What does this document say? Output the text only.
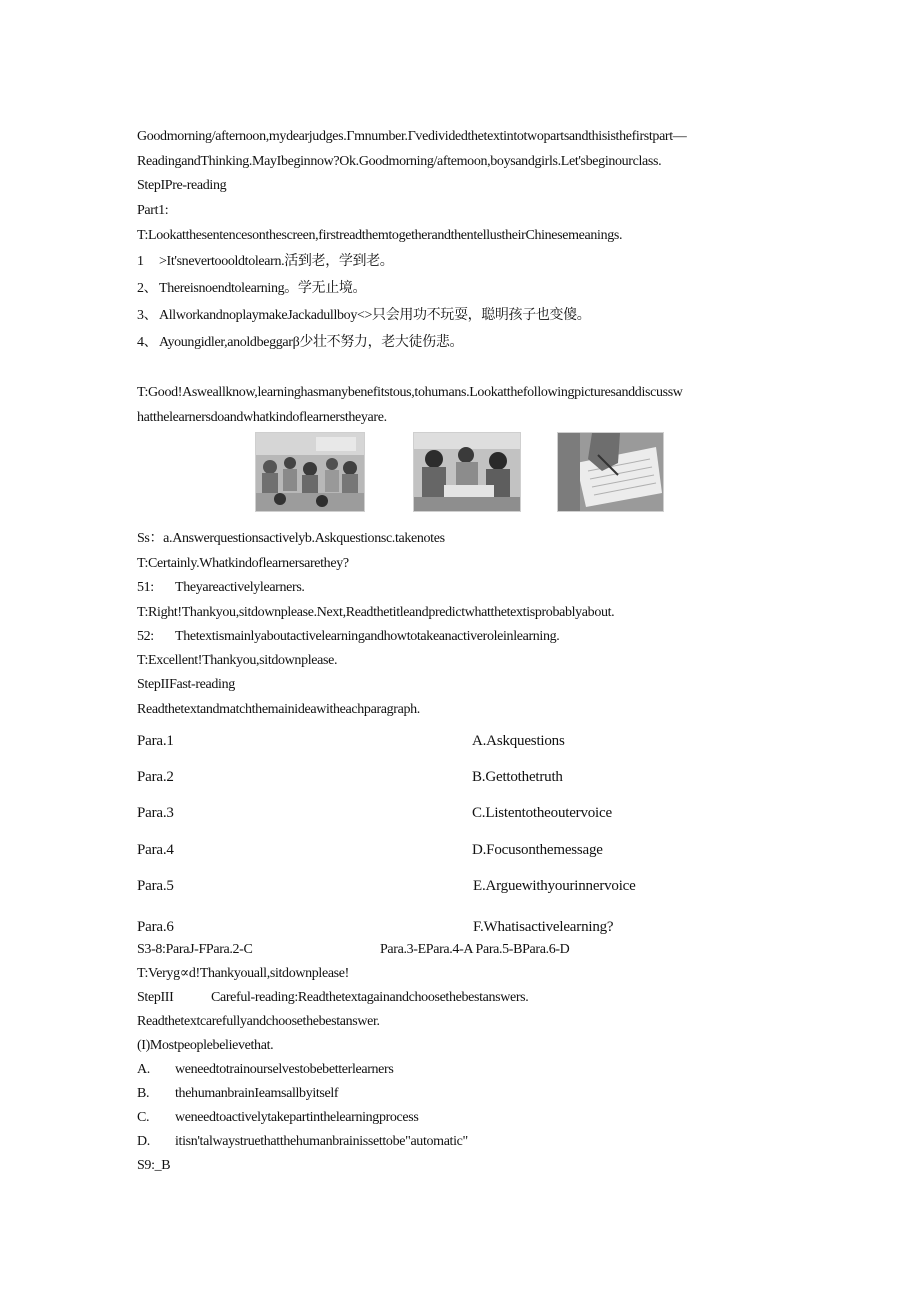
Goodmorning/afternoon,mydearjudges.Γmnumber.Γvedividedthetextintotwopartsandthisisthefirstpart—

ReadingandThinking.MayIbeginnow?Ok.Goodmorning/aftemoon,boysandgirls.Let'sbeginourclass.

StepIPre-reading

Part1:

T:Lookatthesentencesonthescreen,firstreadthemtogetherandthentellustheirChinesemeanings.

1 >It'sneverto​ooldtolearn.活到老，学到老。

2、 Thereisnoendto​learning。学无止境。

3、 Allworkandnoplaymake​Jackadullboy<>只会用功不玩耍，聪明孩子也变傻。

4、 Ayoungidler,anoldbeggarβ少壮不努力，老大徒伤悲。

T:Good!Asweallknow,learninghasmanybenefitstous,tohumans.Lookatthefollowingpicturesanddiscussw

hatthelearnersdoandwhatkindoflearnerstheyare.

Ss：a.Answerquestionsactivelyb.Askquestionsc.takenotes

T:Certainly.Whatkindoflearnersarethey?

51: Theyareactivelylearners.

T:Right!Thankyou,sitdownplease.Next,Readthetitleandpredictwhatthetextisprobablyabout.

52: Thetextismainlyaboutactivelearningandhowtotakeanactiveroleinlearning.

T:Excellent!Thankyou,sitdownplease.

StepIIFast-reading

Readthetextandmatchthemainideawitheachparagraph.

Para.1	A.Askquestions

Para.2	B.Gettothetruth

Para.3	C.Listentotheoutervoice

Para.4	D.Focusonthemessage

Para.5	E.Arguewithyourinnervoice

Para.6	F.Whatisactivelearning?

S3-8:ParaJ-FPara.2-C	Para.3-EPara.4-A Para.5-BPara.6-D

T:Veryg∝d!Thankyouall,sitdownplease!

StepIII	Careful-reading:Readthetextagainandchoosethebestanswers.

Readthetextcarefullyandchoosethebestanswer.

(I)Mostpeoplebelievethat.

A. weneedtotrainourselvestobebetterlearners

B. thehumanbrainIeamsallbyitself

C. weneedtoactivelytakepartinthelearningprocess

D. itisn'talwaystruethatthehumanbrainissettobe"automatic"

S9:_B
